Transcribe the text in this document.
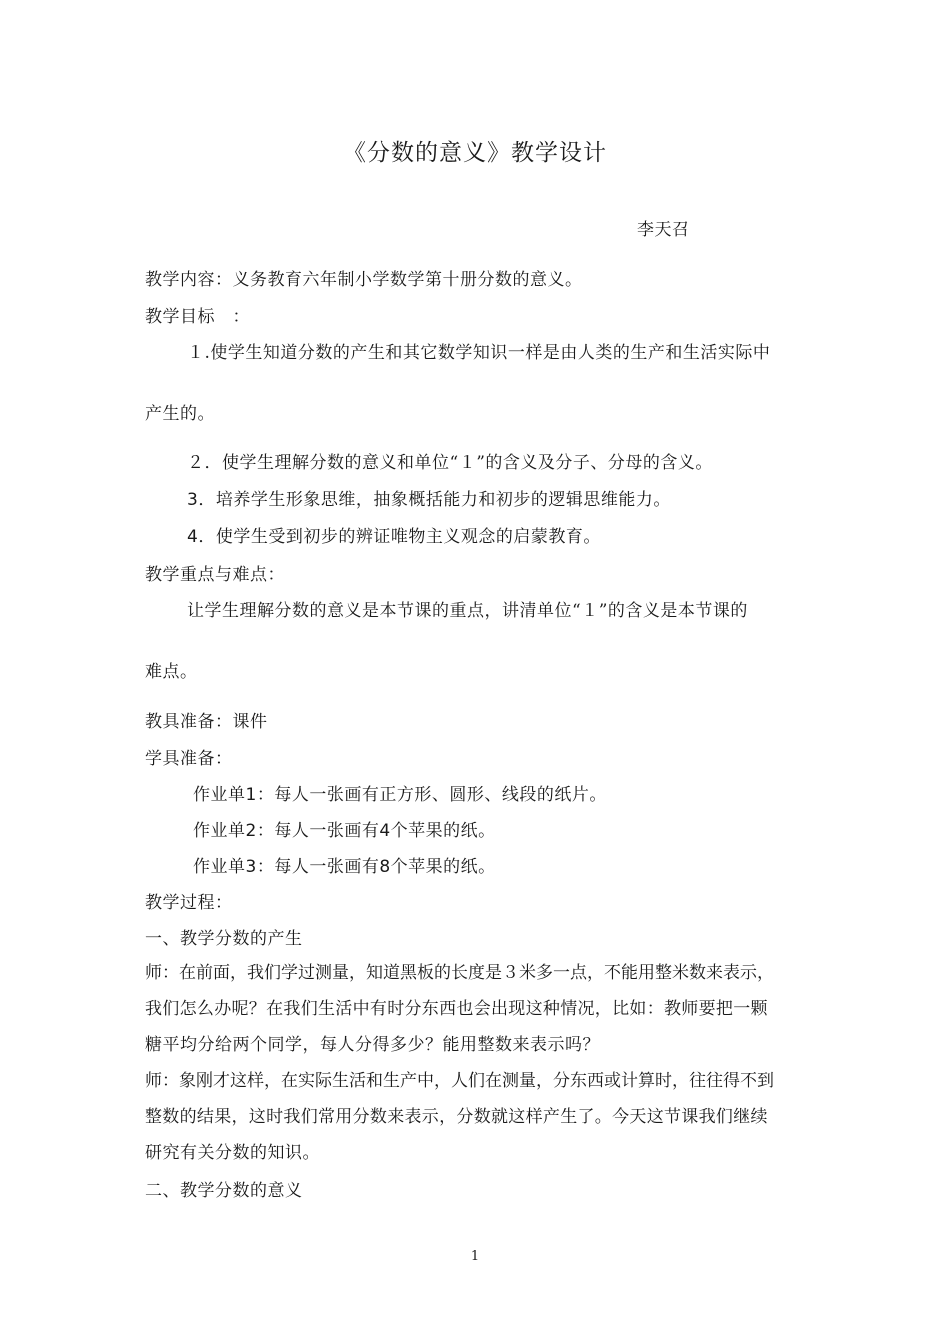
《分数的意义》教学设计
李天召
教学内容：义务教育六年制小学数学第十册分数的意义。
教学目标　：
１.使学生知道分数的产生和其它数学知识一样是由人类的生产和生活实际中
产生的。
２．使学生理解分数的意义和单位“１”的含义及分子、分母的含义。
3．培养学生形象思维，抽象概括能力和初步的逻辑思维能力。
4．使学生受到初步的辨证唯物主义观念的启蒙教育。
教学重点与难点：
让学生理解分数的意义是本节课的重点，讲清单位“１”的含义是本节课的
难点。
教具准备：课件
学具准备：
作业单1：每人一张画有正方形、圆形、线段的纸片。
作业单2：每人一张画有4个苹果的纸。
作业单3：每人一张画有8个苹果的纸。
教学过程：
一、教学分数的产生
师：在前面，我们学过测量，知道黑板的长度是３米多一点，不能用整米数来表示，
我们怎么办呢？在我们生活中有时分东西也会出现这种情况，比如：教师要把一颗
糖平均分给两个同学，每人分得多少？能用整数来表示吗？
师：象刚才这样，在实际生活和生产中，人们在测量，分东西或计算时，往往得不到
整数的结果，这时我们常用分数来表示，分数就这样产生了。今天这节课我们继续
研究有关分数的知识。
二、教学分数的意义
1
